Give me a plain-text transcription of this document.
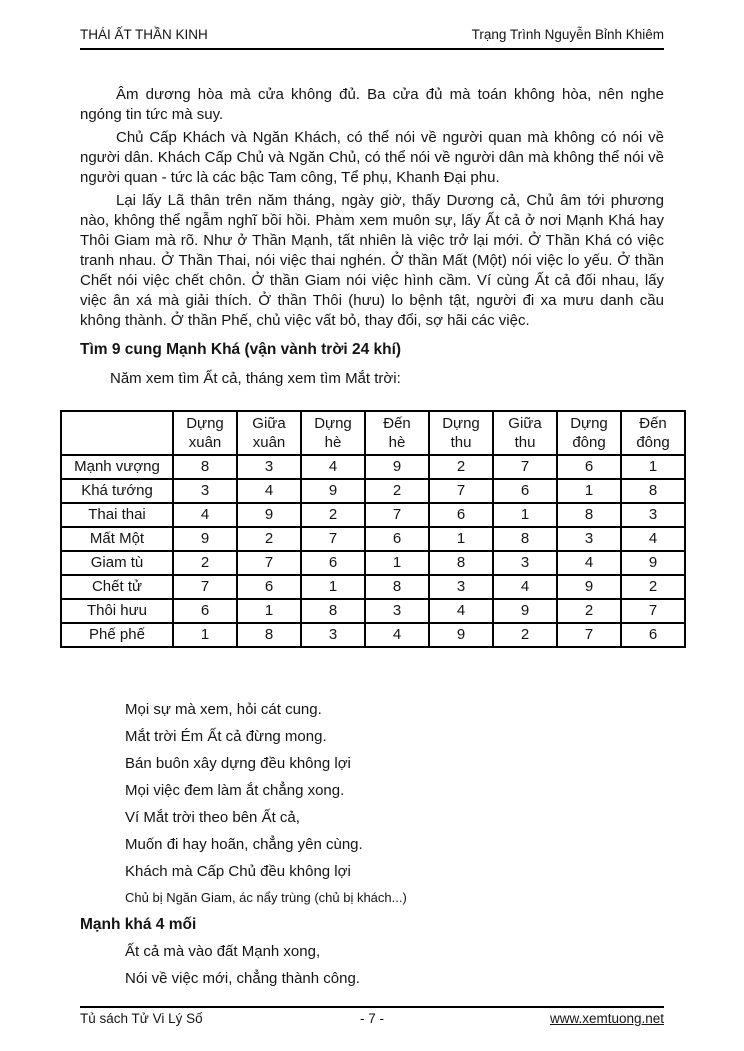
THÁI ẤT THẦN KINH	Trạng Trình Nguyễn Bỉnh Khiêm

Âm dương hòa mà cửa không đủ. Ba cửa đủ mà toán không hòa, nên nghe ngóng tin tức mà suy.

Chủ Cấp Khách và Ngăn Khách, có thể nói về người quan mà không có nói về người dân. Khách Cấp Chủ và Ngăn Chủ, có thể nói về người dân mà không thể nói về người quan - tức là các bậc Tam công, Tể phụ, Khanh Đại phu.

Lại lấy Lã thân trên năm tháng, ngày giờ, thấy Dương cả, Chủ âm tới phương nào, không thể ngẫm nghĩ bồi hồi. Phàm xem muôn sự, lấy Ất cả ở nơi Mạnh Khá hay Thôi Giam mà rõ. Như ở Thần Mạnh, tất nhiên là việc trở lại mới. Ở Thần Khá có việc tranh nhau. Ở Thần Thai, nói việc thai nghén. Ở thần Mất (Một) nói việc lo yếu. Ở thần Chết nói việc chết chôn. Ở thần Giam nói việc hình cầm. Ví cùng Ất cả đối nhau, lấy việc ân xá mà giải thích. Ở thần Thôi (hưu) lo bệnh tật, người đi xa mưu danh cầu không thành. Ở thần Phế, chủ việc vất bỏ, thay đổi, sợ hãi các việc.

Tìm 9 cung Mạnh Khá (vận vành trời 24 khí)
Năm xem tìm Ất cả, tháng xem tìm Mắt trời:
	Dựng xuân	Giữa xuân	Dựng hè	Đến hè	Dựng thu	Giữa thu	Dựng đông	Đến đông
Mạnh vượng	8	3	4	9	2	7	6	1
Khá tướng	3	4	9	2	7	6	1	8
Thai thai	4	9	2	7	6	1	8	3
Mất Một	9	2	7	6	1	8	3	4
Giam tù	2	7	6	1	8	3	4	9
Chết tử	7	6	1	8	3	4	9	2
Thôi hưu	6	1	8	3	4	9	2	7
Phế phế	1	8	3	4	9	2	7	6
Mọi sự mà xem, hỏi cát cung.
Mắt trời Ém Ất cả đừng mong.
Bán buôn xây dựng đều không lợi
Mọi việc đem làm ắt chẳng xong.
Ví Mắt trời theo bên Ất cả,
Muốn đi hay hoãn, chẳng yên cùng.
Khách mà Cấp Chủ đều không lợi
Chủ bị Ngăn Giam, ác nẩy trùng (chủ bị khách...)
Mạnh khá 4 mối
Ất cả mà vào đất Mạnh xong,
Nói về việc mới, chẳng thành công.
Tủ sách Tử Vi Lý Số	- 7 -	www.xemtuong.net
